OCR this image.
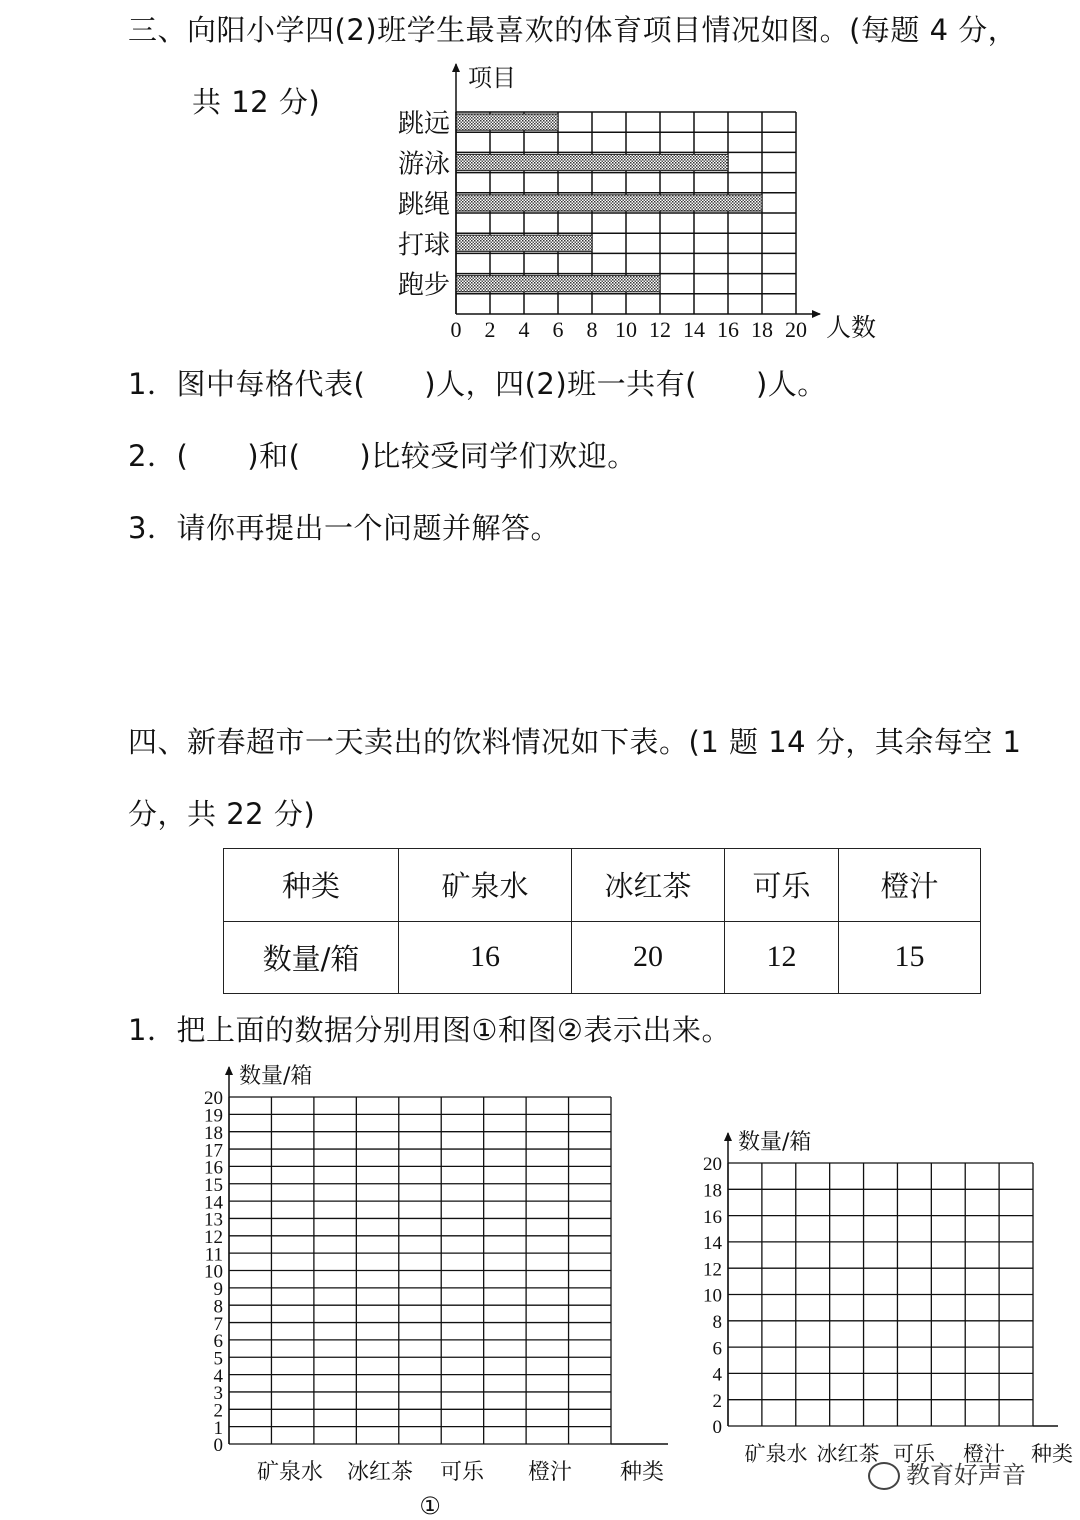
三、向阳小学四(2)班学生最喜欢的体育项目情况如图。(每题 4 分，
共 12 分)
1．图中每格代表(　　)人，四(2)班一共有(　　)人。
2．(　　)和(　　)比较受同学们欢迎。
3．请你再提出一个问题并解答。
四、新春超市一天卖出的饮料情况如下表。(1 题 14 分，其余每空 1
分，共 22 分)
种类	矿泉水	冰红茶	可乐	橙汁
数量/箱	16	20	12	15
1．把上面的数据分别用图①和图②表示出来。
跳远
游泳
跳绳
打球
跑步
项目
人数
0 2 4 6 8 10 12 14 16 18 20
数量/箱
0
1
2
3
4
5
6
7
8
9
10
11
12
13
14
15
16
17
18
19
20
矿泉水 冰红茶 可乐 橙汁 种类
①
数量/箱
0
2
4
6
8
10
12
14
16
18
20
矿泉水 冰红茶 可乐 橙汁 种类
教育好声音
